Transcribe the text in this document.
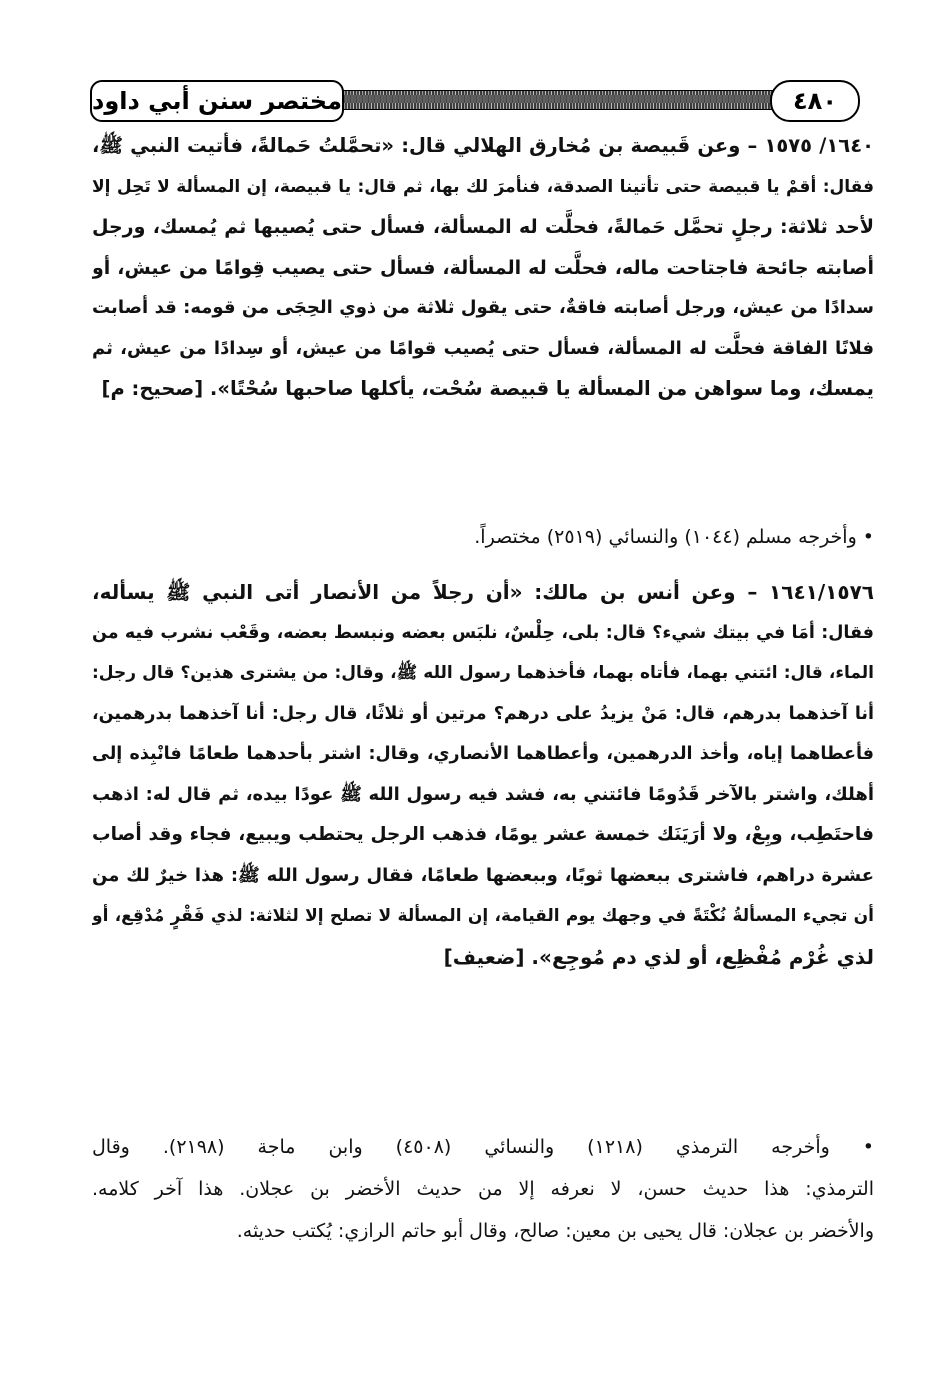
مختصر سنن أبي داود	٤٨٠
١٦٤٠/ ١٥٧٥ – وعن قَبيصة بن مُخارق الهلالي قال: «تحمَّلتُ حَمالةً، فأتيت النبي ﷺ،
فقال: أقمْ يا قبيصة حتى تأتينا الصدقة، فنأمرَ لك بها، ثم قال: يا قبيصة، إن المسألة لا تَحِل إلا
لأحد ثلاثة: رجلٍ تحمَّل حَمالةً، فحلَّت له المسألة، فسأل حتى يُصيبها ثم يُمسك، ورجل
أصابته جائحة فاجتاحت ماله، فحلَّت له المسألة، فسأل حتى يصيب قِوامًا من عيش، أو
سدادًا من عيش، ورجل أصابته فاقةٌ، حتى يقول ثلاثة من ذوي الحِجَى من قومه: قد أصابت
فلانًا الفاقة فحلَّت له المسألة، فسأل حتى يُصيب قوامًا من عيش، أو سِدادًا من عيش، ثم
يمسك، وما سواهن من المسألة يا قبيصة سُحْت، يأكلها صاحبها سُحْتًا». [صحيح: م]
• وأخرجه مسلم (١٠٤٤) والنسائي (٢٥١٩) مختصراً.
١٦٤١/١٥٧٦ – وعن أنس بن مالك: «أن رجلاً من الأنصار أتى النبي ﷺ يسأله،
فقال: أمَا في بيتك شيء؟ قال: بلى، حِلْسٌ، نلبَس بعضه ونبسط بعضه، وقَعْب نشرب فيه من
الماء، قال: ائتني بهما، فأتاه بهما، فأخذهما رسول الله ﷺ، وقال: من يشترى هذين؟ قال رجل:
أنا آخذهما بدرهم، قال: مَنْ يزيدُ على درهم؟ مرتين أو ثلاثًا، قال رجل: أنا آخذهما بدرهمين،
فأعطاهما إياه، وأخذ الدرهمين، وأعطاهما الأنصاري، وقال: اشتر بأحدهما طعامًا فانْبِذه إلى
أهلك، واشتر بالآخر قَدُومًا فائتني به، فشد فيه رسول الله ﷺ عودًا بيده، ثم قال له: اذهب
فاحتَطِب، وبِعْ، ولا أرَيَنَك خمسة عشر يومًا، فذهب الرجل يحتطب ويبيع، فجاء وقد أصاب
عشرة دراهم، فاشترى ببعضها ثوبًا، وببعضها طعامًا، فقال رسول الله ﷺ: هذا خيرٌ لك من
أن تجيء المسألةُ نُكْتَةً في وجهك يوم القيامة، إن المسألة لا تصلح إلا لثلاثة: لذي فَقْرٍ مُدْقِع، أو
لذي غُرْم مُفْظِع، أو لذي دم مُوجِع». [ضعيف]
• وأخرجه الترمذي (١٢١٨) والنسائي (٤٥٠٨) وابن ماجة (٢١٩٨). وقال
الترمذي: هذا حديث حسن، لا نعرفه إلا من حديث الأخضر بن عجلان. هذا آخر كلامه.
والأخضر بن عجلان: قال يحيى بن معين: صالح، وقال أبو حاتم الرازي: يُكتب حديثه.
